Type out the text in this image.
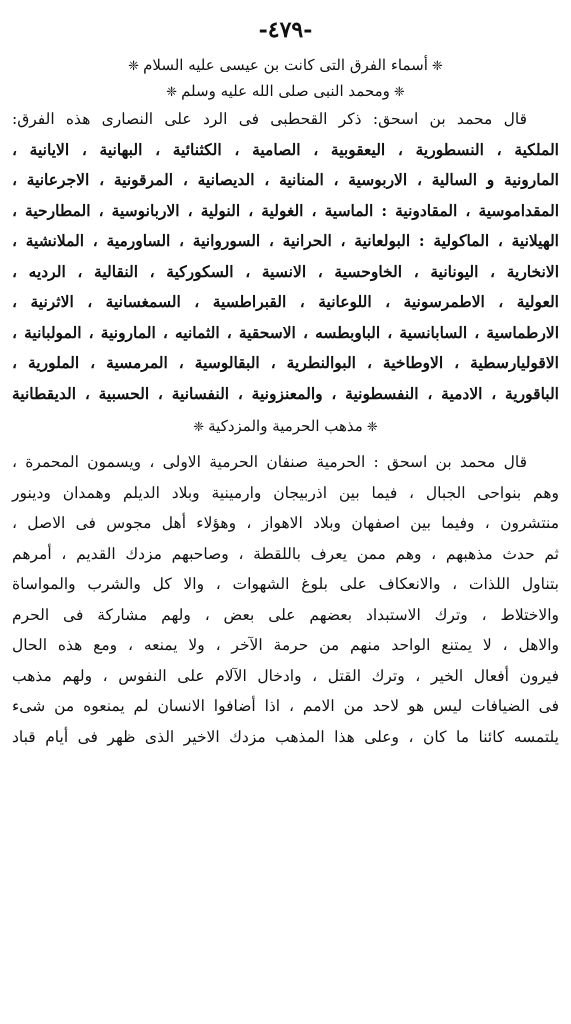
-٤٧٩-
❈أسماء الفرق التى كانت بن عيسى عليه السلام❈
❈ومحمد النبى صلى الله عليه وسلم❈
قال محمد بن اسحق: ذكر القحطبى فى الرد على النصارى هذه الفرق:
الملكية ، النسطورية ، اليعقوبية ، الصامية ، الكثنائية ، البهانية ، الايانية ،
المارونية و السالية ، الاربوسية ، المنانية ، الديصانية ، المرقونية ، الاجرعانية ،
المقداموسية ، المقادونية : الماسية ، الغولية ، النولية ، الاربانوسية ، المطارحية ،
الهيلانية ، الماكولية : البولعانية ، الحرانية ، السوروانية ، الساورمية ، الملانشية ،
الانخارية ، اليونانية ، الخاوحسية ، الانسية ، السكوركية ، النقالية ، الرديه ،
العولية ، الاطمرسونية ، اللوعانية ، القبراطسية ، السمغسانية ، الاثرنية ،
الارطماسية ، السابانسية ، الباوبطسه ، الاسحقية ، الثمانيه ، المارونية ، المولبانية ،
الاقوليارسطية ، الاوطاخية ، البوالنطرية ، البقالوسية ، المرمسية ، الملورية ،
الباقورية ، الادمية ، النفسطونية ، والمعنزونية ، النفسانية ، الحسبية ، الديقطانية
❈مذهب الحرمية والمزدكية❈
قال محمد بن اسحق : الحرمية صنفان الحرمية الاولى ، ويسمون المحمرة ،
وهم بنواحى الجبال ، فيما بين اذربيجان وارمينية وبلاد الديلم وهمدان ودينور
منتشرون ، وفيما بين اصفهان وبلاد الاهواز ، وهؤلاء أهل مجوس فى الاصل ،
ثم حدث مذهبهم ، وهم ممن يعرف باللقطة ، وصاحبهم مزدك القديم ، أمرهم
بتناول اللذات ، والانعكاف على بلوغ الشهوات ، والا كل والشرب والمواساة
والاختلاط ، وترك الاستبداد بعضهم على بعض ، ولهم مشاركة فى الحرم
والاهل ، لا يمتنع الواحد منهم من حرمة الآخر ، ولا يمنعه ، ومع هذه الحال
فيرون أفعال الخير ، وترك القتل ، وادخال الآلام على النفوس ، ولهم مذهب
فى الضيافات ليس هو لاحد من الامم ، اذا أضافوا الانسان لم يمنعوه من شىء
يلتمسه كائنا ما كان ، وعلى هذا المذهب مزدك الاخير الذى ظهر فى أيام قباد
